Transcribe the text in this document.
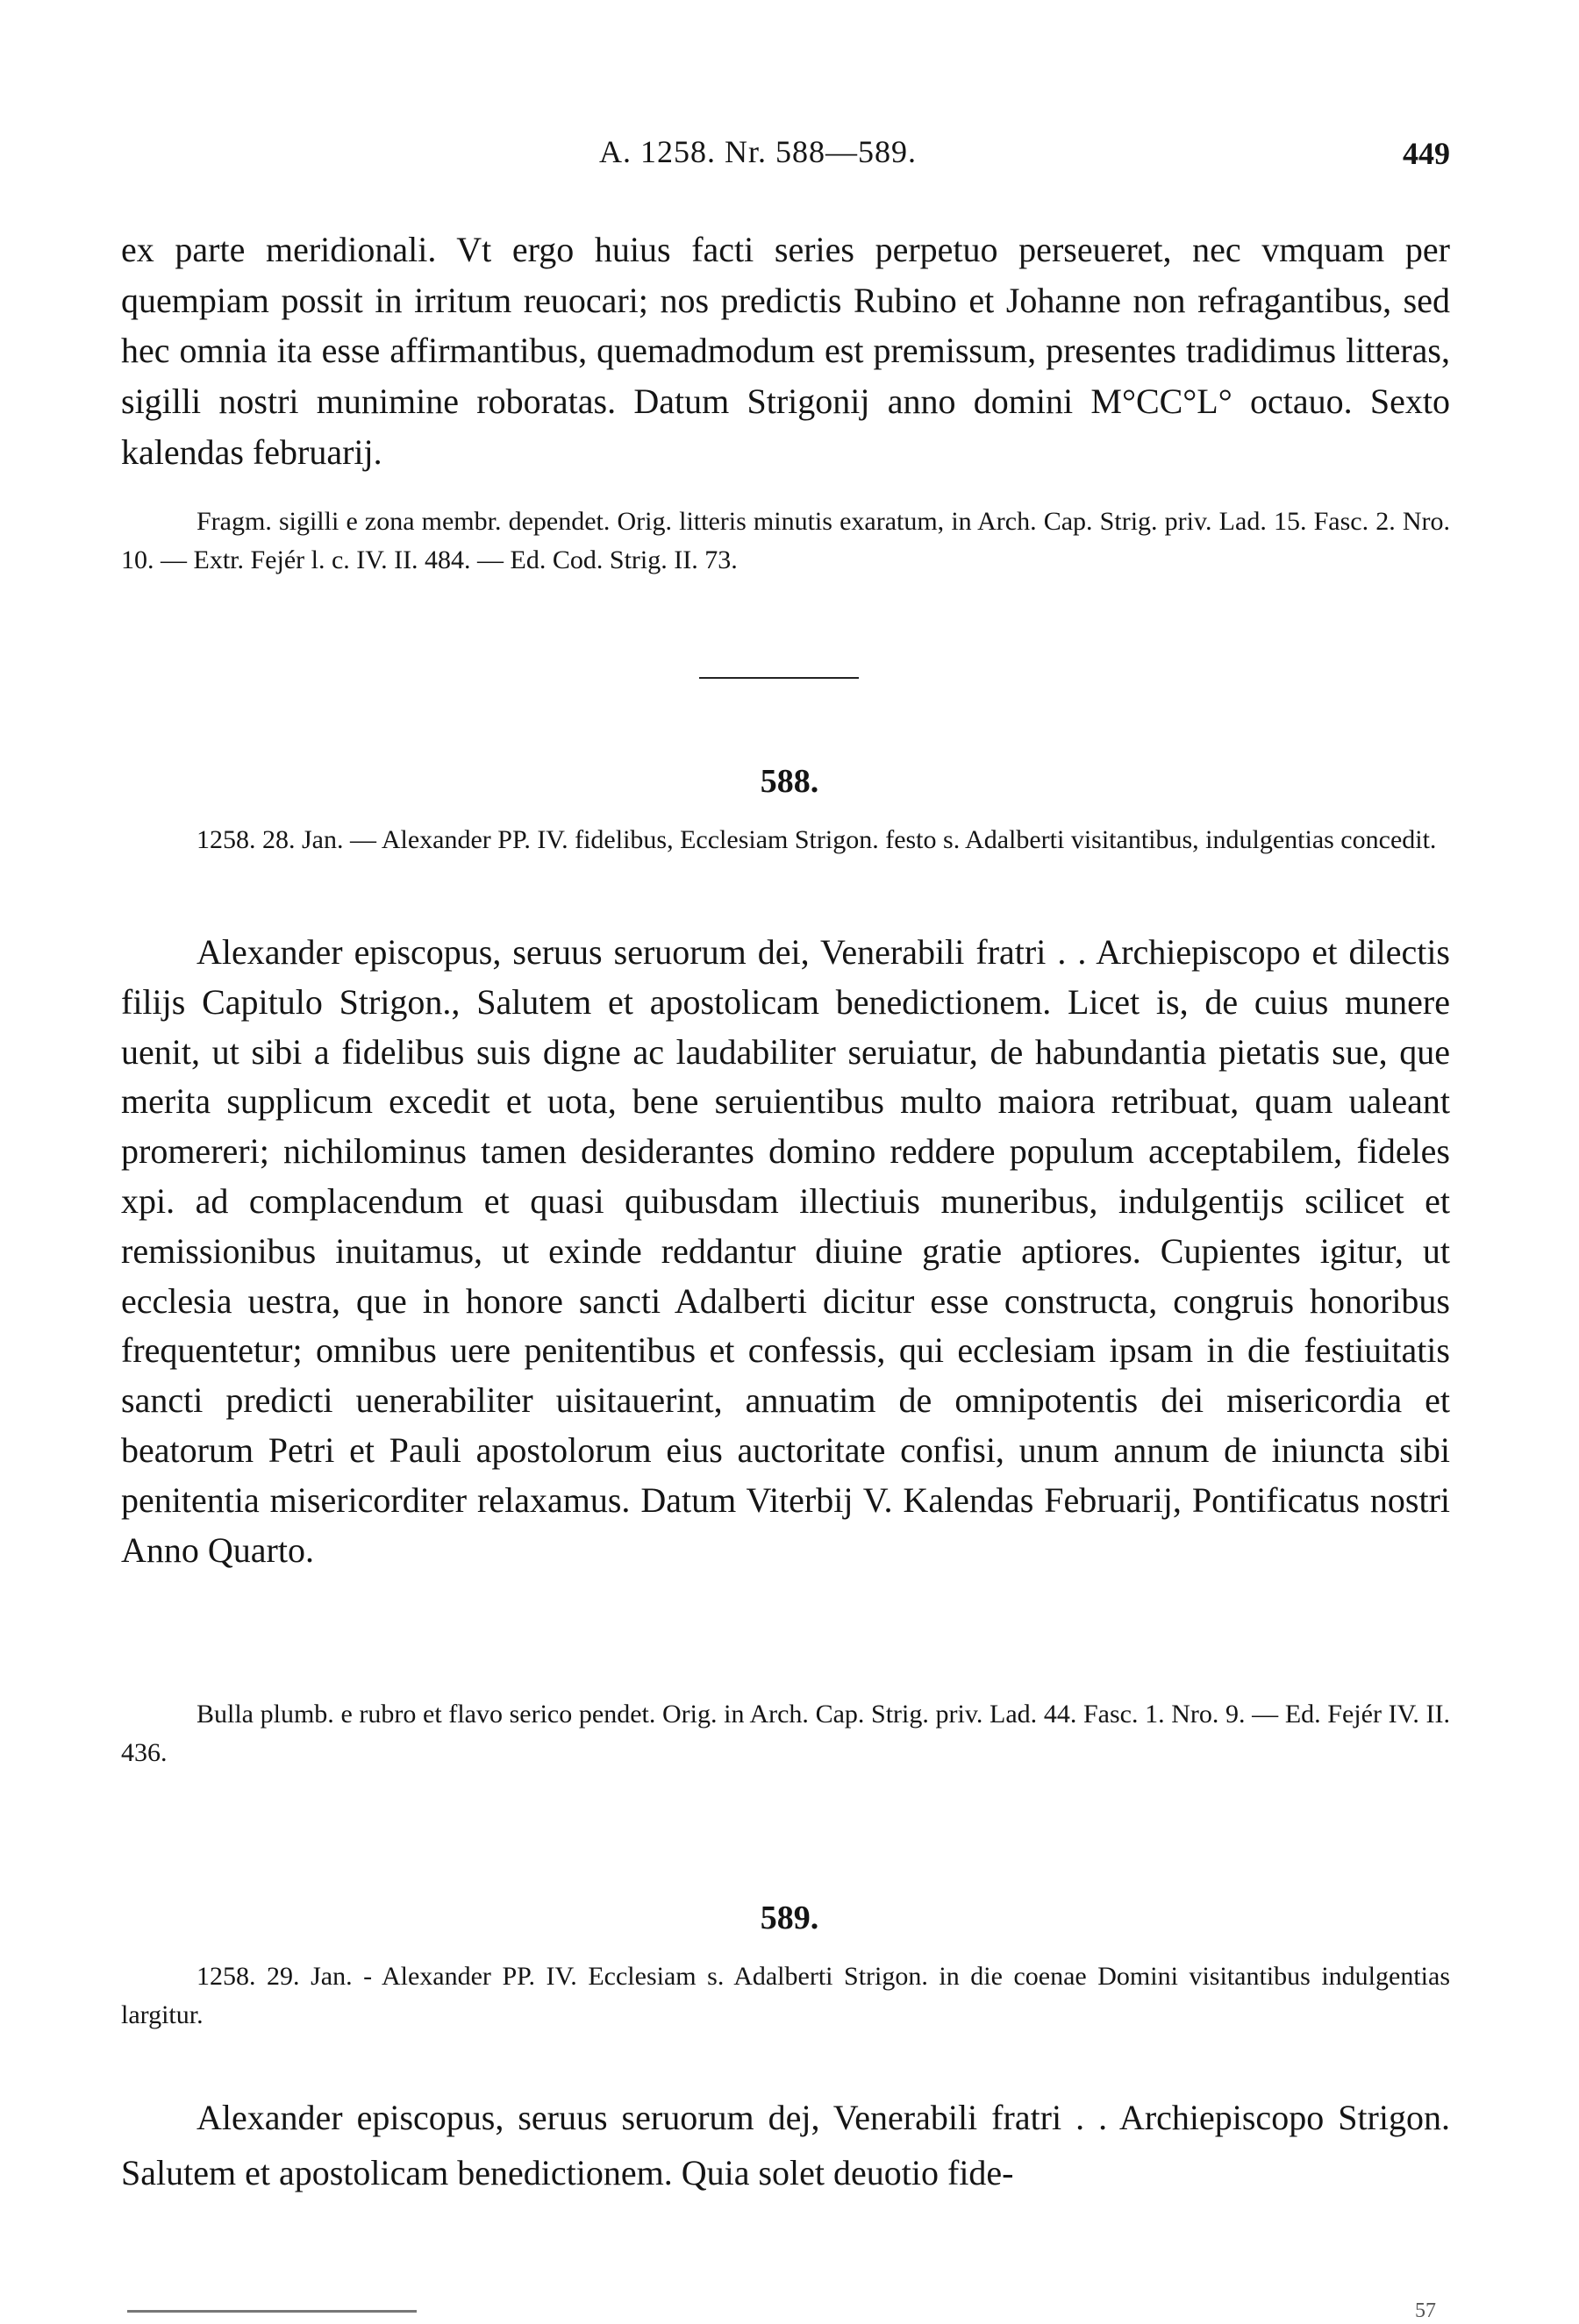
A. 1258. Nr. 588—589.	449

ex parte meridionali. Vt ergo huius facti series perpetuo perseueret, nec vmquam per quempiam possit in irritum reuocari; nos predictis Rubino et Johanne non refragantibus, sed hec omnia ita esse affirmantibus, quemadmodum est premissum, presentes tradidimus litteras, sigilli nostri munimine roboratas. Datum Strigonij anno domini M°CC°L° octauo. Sexto kalendas februarij.

Fragm. sigilli e zona membr. dependet. Orig. litteris minutis exaratum, in Arch. Cap. Strig. priv. Lad. 15. Fasc. 2. Nro. 10. — Extr. Fejér l. c. IV. II. 484. — Ed. Cod. Strig. II. 73.

588.

1258. 28. Jan. — Alexander PP. IV. fidelibus, Ecclesiam Strigon. festo s. Adalberti visitantibus, indulgentias concedit.

Alexander episcopus, seruus seruorum dei, Venerabili fratri . . Archiepiscopo et dilectis filijs Capitulo Strigon., Salutem et apostolicam benedictionem. Licet is, de cuius munere uenit, ut sibi a fidelibus suis digne ac laudabiliter seruiatur, de habundantia pietatis sue, que merita supplicum excedit et uota, bene seruientibus multo maiora retribuat, quam ualeant promereri; nichilominus tamen desiderantes domino reddere populum acceptabilem, fideles xpi. ad complacendum et quasi quibusdam illectiuis muneribus, indulgentijs scilicet et remissionibus inuitamus, ut exinde reddantur diuine gratie aptiores. Cupientes igitur, ut ecclesia uestra, que in honore sancti Adalberti dicitur esse constructa, congruis honoribus frequentetur; omnibus uere penitentibus et confessis, qui ecclesiam ipsam in die festiuitatis sancti predicti uenerabiliter uisitauerint, annuatim de omnipotentis dei misericordia et beatorum Petri et Pauli apostolorum eius auctoritate confisi, unum annum de iniuncta sibi penitentia misericorditer relaxamus. Datum Viterbij V. Kalendas Februarij, Pontificatus nostri Anno Quarto.

Bulla plumb. e rubro et flavo serico pendet. Orig. in Arch. Cap. Strig. priv. Lad. 44. Fasc. 1. Nro. 9. — Ed. Fejér IV. II. 436.

589.

1258. 29. Jan. - Alexander PP. IV. Ecclesiam s. Adalberti Strigon. in die coenae Domini visitantibus indulgentias largitur.

Alexander episcopus, seruus seruorum dej, Venerabili fratri . . Archiepiscopo Strigon. Salutem et apostolicam benedictionem. Quia solet deuotio fide-

57
